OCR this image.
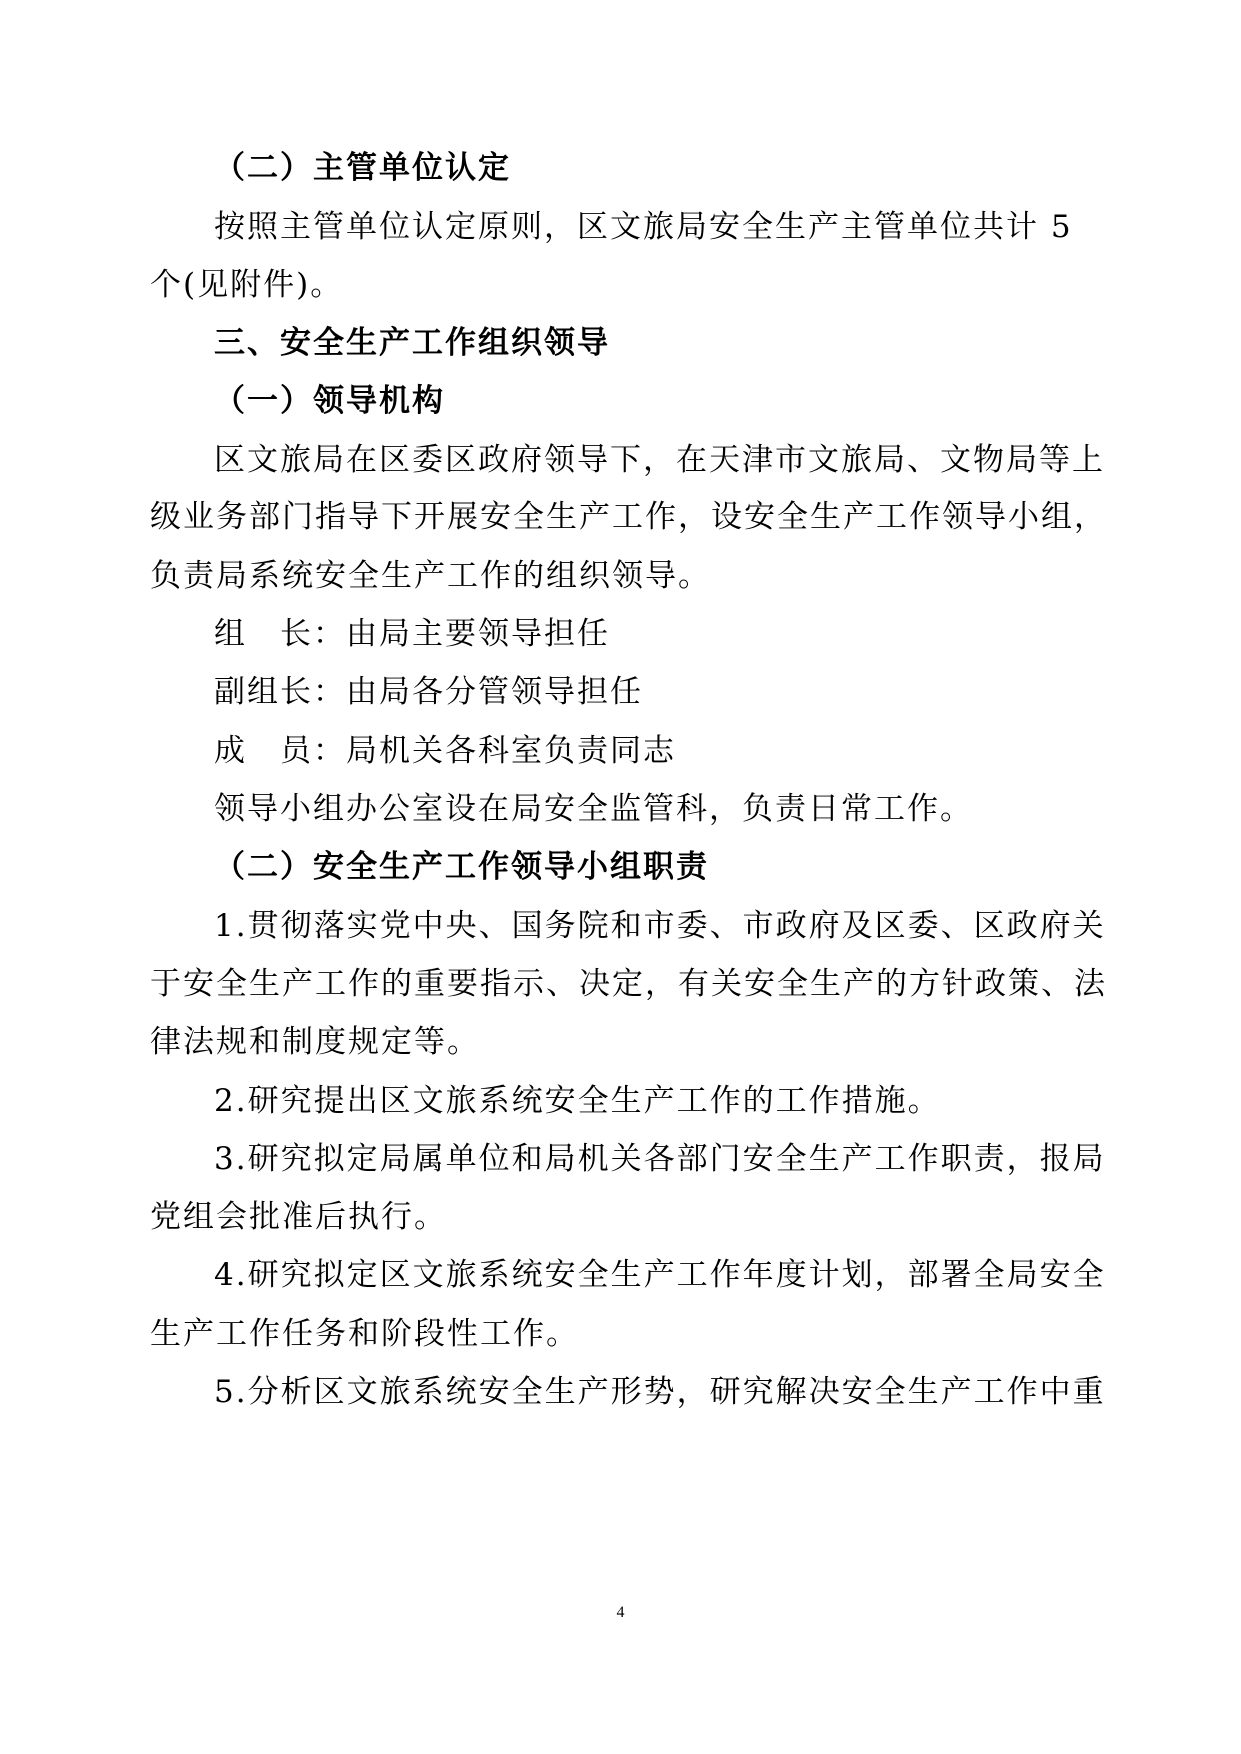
（二）主管单位认定
按照主管单位认定原则，区文旅局安全生产主管单位共计 5
个(见附件)。
三、安全生产工作组织领导
（一）领导机构
区文旅局在区委区政府领导下，在天津市文旅局、文物局等上
级业务部门指导下开展安全生产工作，设安全生产工作领导小组，
负责局系统安全生产工作的组织领导。
组　长：由局主要领导担任
副组长：由局各分管领导担任
成　员：局机关各科室负责同志
领导小组办公室设在局安全监管科，负责日常工作。
（二）安全生产工作领导小组职责
1.贯彻落实党中央、国务院和市委、市政府及区委、区政府关
于安全生产工作的重要指示、决定，有关安全生产的方针政策、法
律法规和制度规定等。
2.研究提出区文旅系统安全生产工作的工作措施。
3.研究拟定局属单位和局机关各部门安全生产工作职责，报局
党组会批准后执行。
4.研究拟定区文旅系统安全生产工作年度计划，部署全局安全
生产工作任务和阶段性工作。
5.分析区文旅系统安全生产形势，研究解决安全生产工作中重
4
